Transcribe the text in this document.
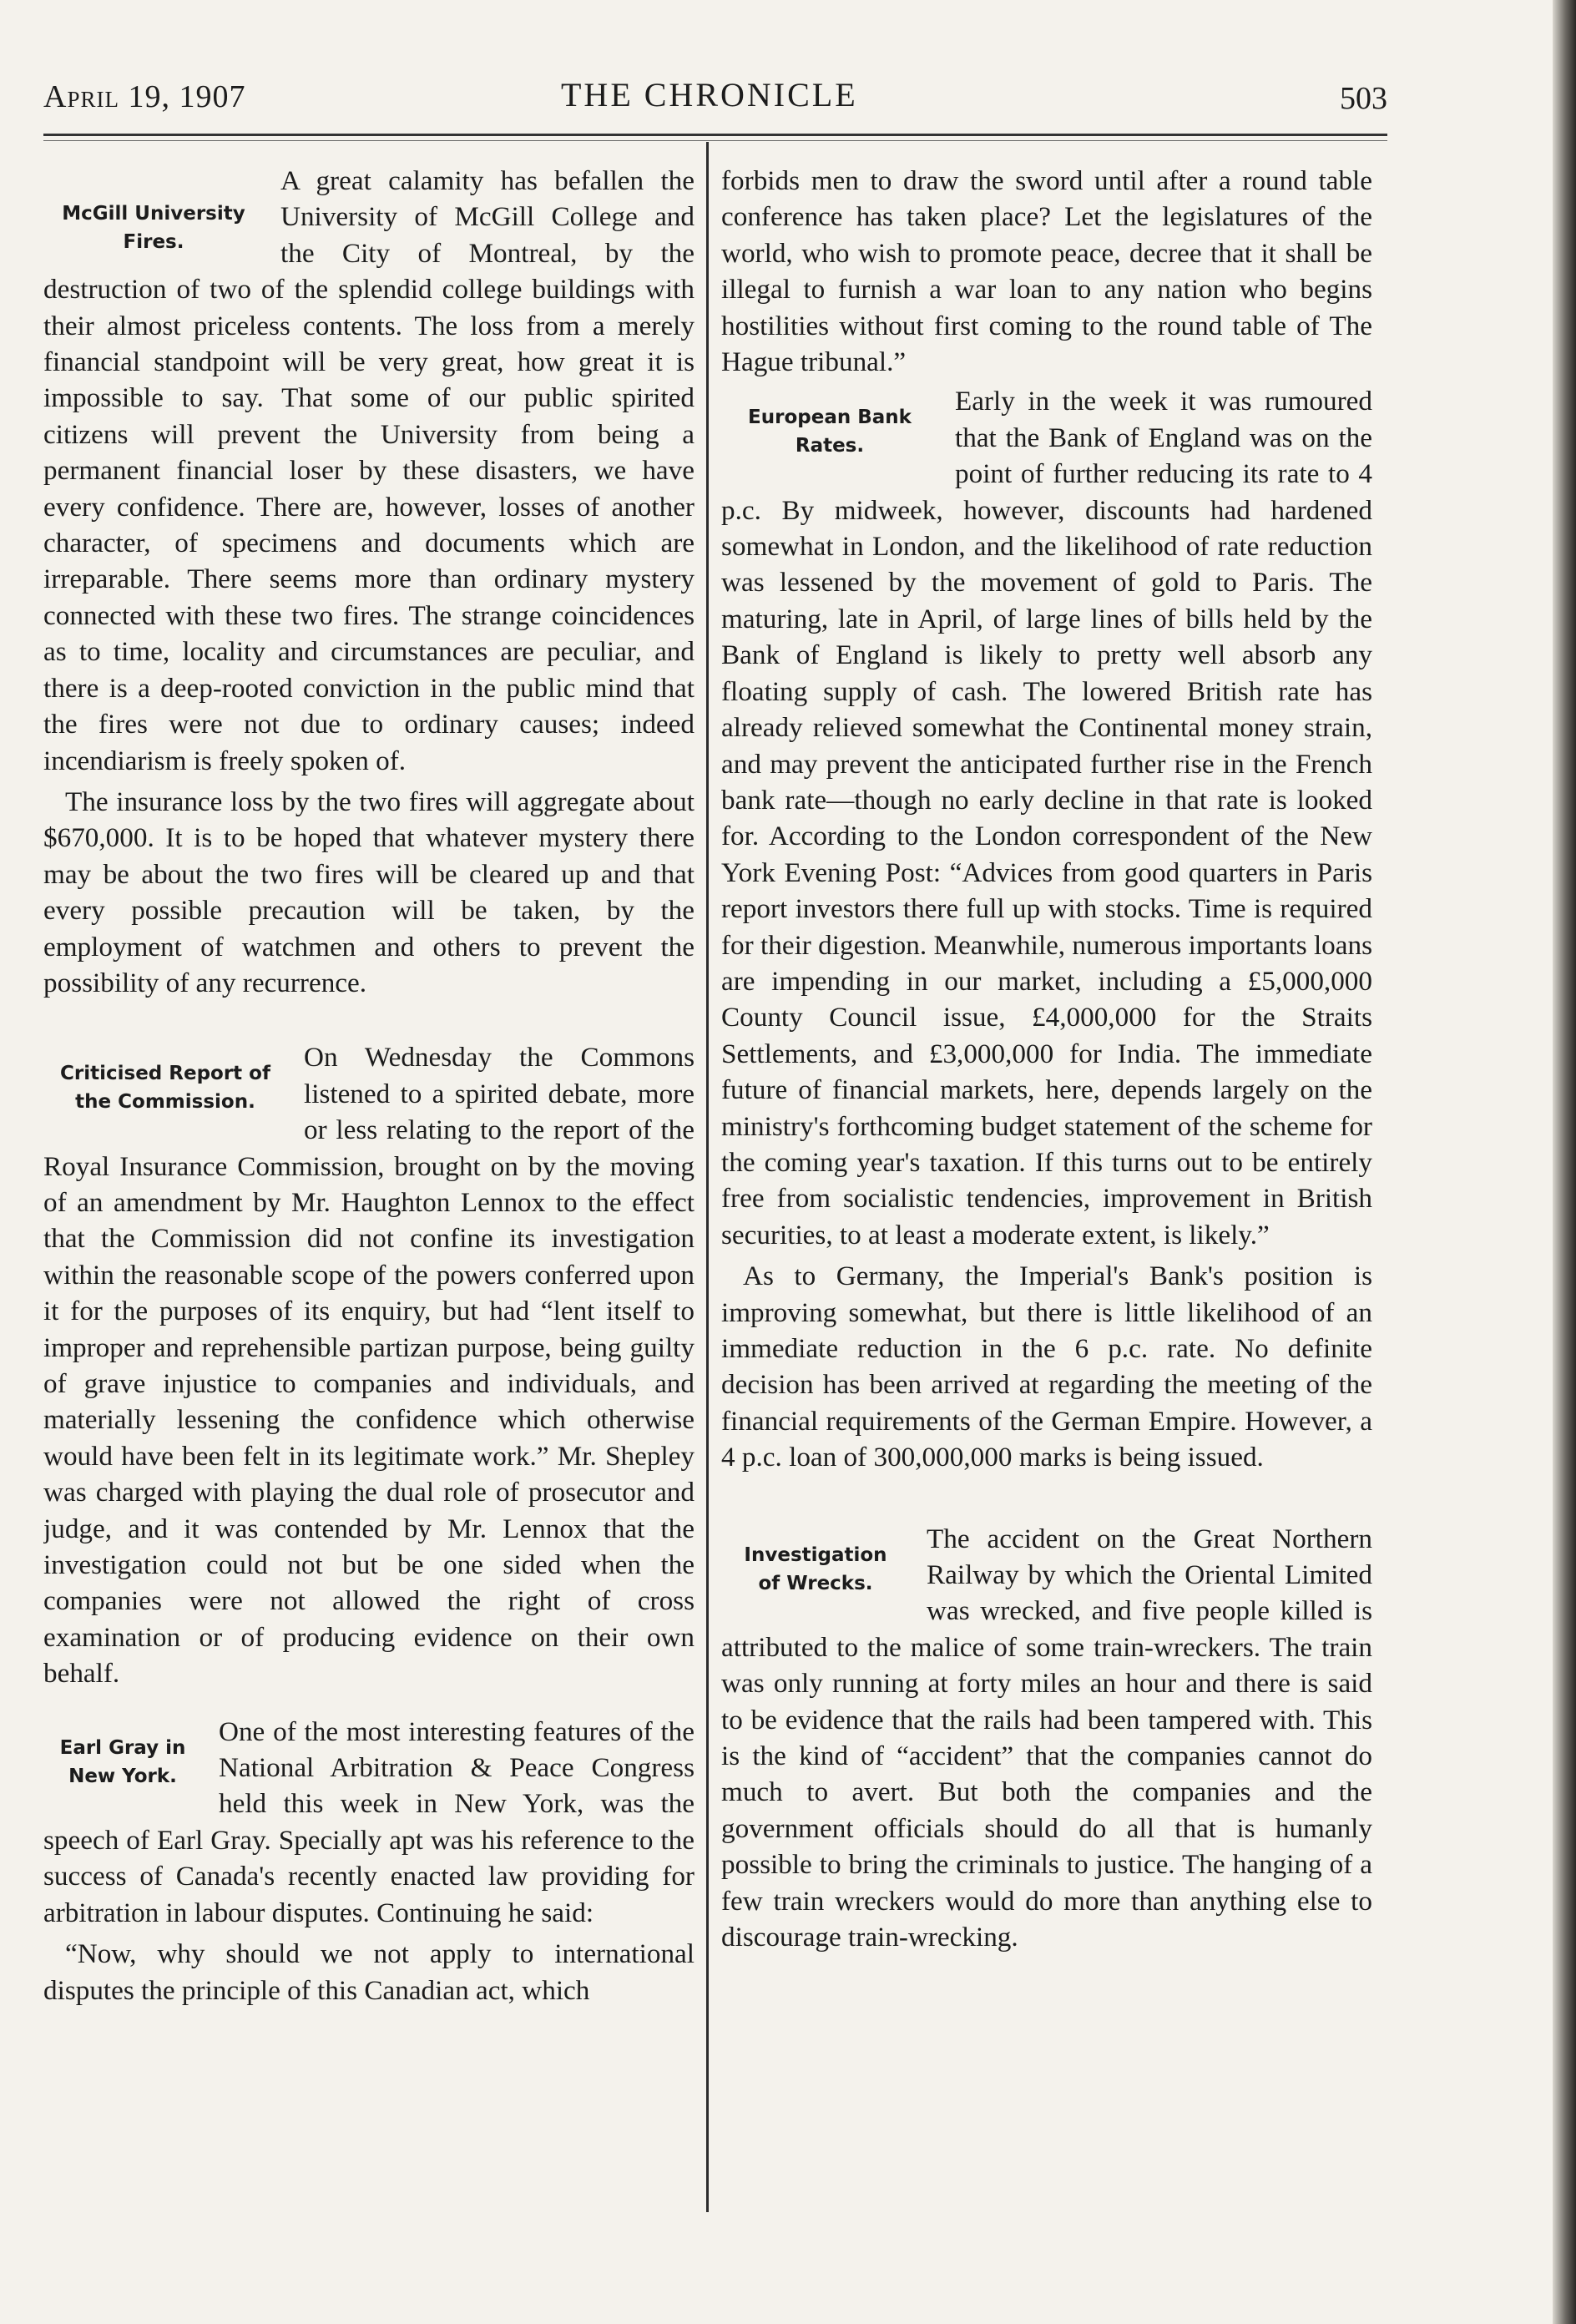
April 19, 1907	THE CHRONICLE	503
McGill University
Fires.

A great calamity has befallen the University of McGill College and the City of Montreal, by the destruction of two of the splendid college buildings with their almost priceless contents. The loss from a merely financial standpoint will be very great, how great it is impossible to say. That some of our public spirited citizens will prevent the University from being a permanent financial loser by these disasters, we have every confidence. There are, however, losses of another character, of specimens and documents which are irreparable. There seems more than ordinary mystery connected with these two fires. The strange coincidences as to time, locality and circumstances are peculiar, and there is a deep-rooted conviction in the public mind that the fires were not due to ordinary causes; indeed incendiarism is freely spoken of.

The insurance loss by the two fires will aggregate about $670,000. It is to be hoped that whatever mystery there may be about the two fires will be cleared up and that every possible precaution will be taken, by the employment of watchmen and others to prevent the possibility of any recurrence.

Criticised Report of
the Commission.

On Wednesday the Commons listened to a spirited debate, more or less relating to the report of the Royal Insurance Commission, brought on by the moving of an amendment by Mr. Haughton Lennox to the effect that the Commission did not confine its investigation within the reasonable scope of the powers conferred upon it for the purposes of its enquiry, but had “lent itself to improper and reprehensible partizan purpose, being guilty of grave injustice to companies and individuals, and materially lessening the confidence which otherwise would have been felt in its legitimate work.” Mr. Shepley was charged with playing the dual role of prosecutor and judge, and it was contended by Mr. Lennox that the investigation could not but be one sided when the companies were not allowed the right of cross examination or of producing evidence on their own behalf.

Earl Gray in
New York.

One of the most interesting features of the National Arbitration & Peace Congress held this week in New York, was the speech of Earl Gray. Specially apt was his reference to the success of Canada's recently enacted law providing for arbitration in labour disputes. Continuing he said:

“Now, why should we not apply to international disputes the principle of this Canadian act, which

forbids men to draw the sword until after a round table conference has taken place? Let the legislatures of the world, who wish to promote peace, decree that it shall be illegal to furnish a war loan to any nation who begins hostilities without first coming to the round table of The Hague tribunal.”

European Bank
Rates.

Early in the week it was rumoured that the Bank of England was on the point of further reducing its rate to 4 p.c. By midweek, however, discounts had hardened somewhat in London, and the likelihood of rate reduction was lessened by the movement of gold to Paris. The maturing, late in April, of large lines of bills held by the Bank of England is likely to pretty well absorb any floating supply of cash. The lowered British rate has already relieved somewhat the Continental money strain, and may prevent the anticipated further rise in the French bank rate—though no early decline in that rate is looked for. According to the London correspondent of the New York Evening Post: “Advices from good quarters in Paris report investors there full up with stocks. Time is required for their digestion. Meanwhile, numerous importants loans are impending in our market, including a £5,000,000 County Council issue, £4,000,000 for the Straits Settlements, and £3,000,000 for India. The immediate future of financial markets, here, depends largely on the ministry's forthcoming budget statement of the scheme for the coming year's taxation. If this turns out to be entirely free from socialistic tendencies, improvement in British securities, to at least a moderate extent, is likely.”

As to Germany, the Imperial's Bank's position is improving somewhat, but there is little likelihood of an immediate reduction in the 6 p.c. rate. No definite decision has been arrived at regarding the meeting of the financial requirements of the German Empire. However, a 4 p.c. loan of 300,000,000 marks is being issued.

Investigation
of Wrecks.

The accident on the Great Northern Railway by which the Oriental Limited was wrecked, and five people killed is attributed to the malice of some train-wreckers. The train was only running at forty miles an hour and there is said to be evidence that the rails had been tampered with. This is the kind of “accident” that the companies cannot do much to avert. But both the companies and the government officials should do all that is humanly possible to bring the criminals to justice. The hanging of a few train wreckers would do more than anything else to discourage train-wrecking.
